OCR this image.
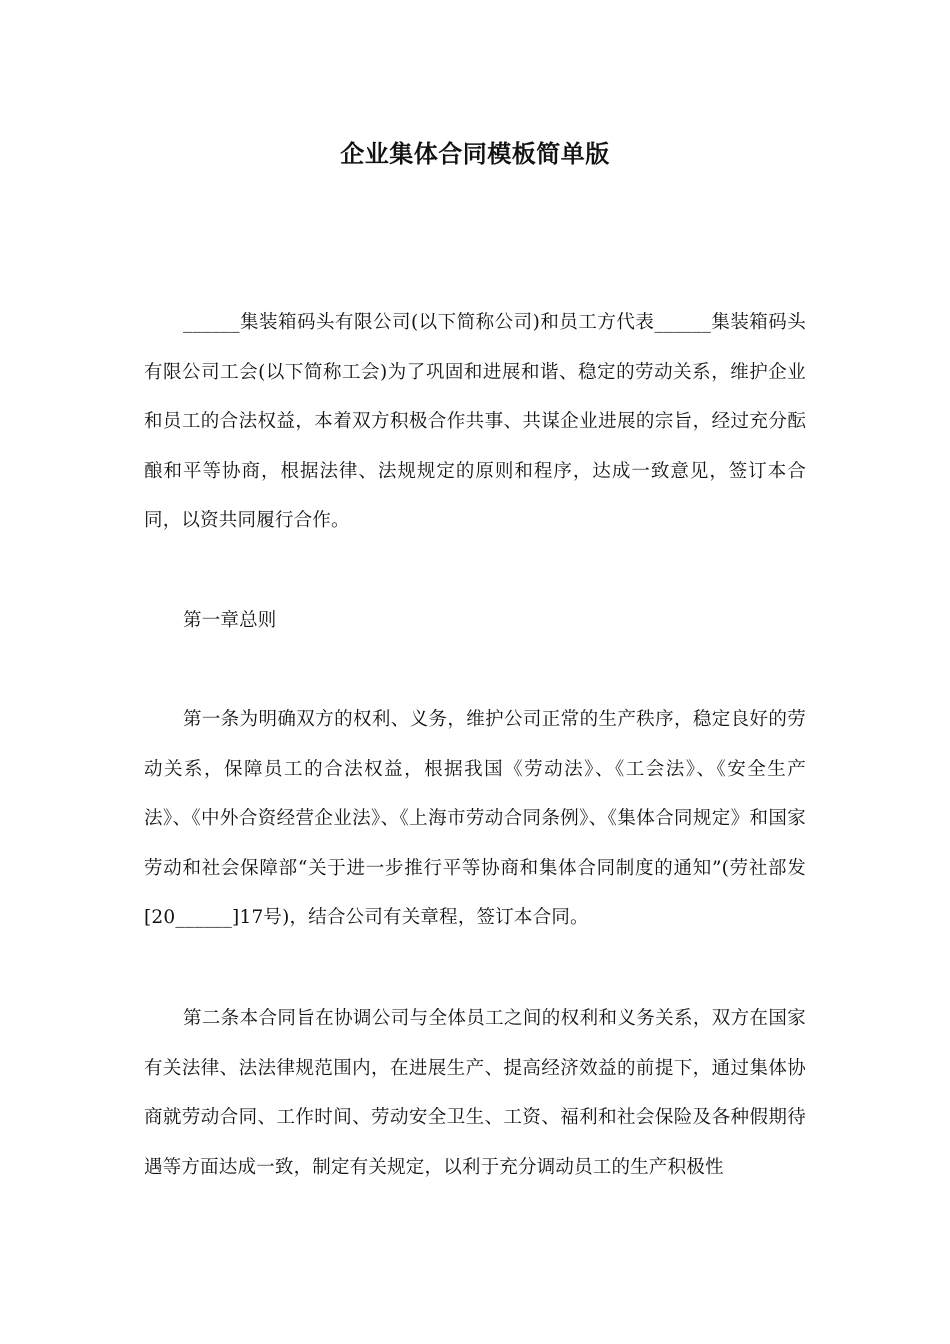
企业集体合同模板简单版

______集装箱码头有限公司(以下简称公司)和员工方代表______集装箱码头有限公司工会(以下简称工会)为了巩固和进展和谐、稳定的劳动关系，维护企业和员工的合法权益，本着双方积极合作共事、共谋企业进展的宗旨，经过充分酝酿和平等协商，根据法律、法规规定的原则和程序，达成一致意见，签订本合同，以资共同履行合作。

第一章总则

第一条为明确双方的权利、义务，维护公司正常的生产秩序，稳定良好的劳动关系，保障员工的合法权益，根据我国《劳动法》、《工会法》、《安全生产法》、《中外合资经营企业法》、《上海市劳动合同条例》、《集体合同规定》和国家劳动和社会保障部“关于进一步推行平等协商和集体合同制度的通知”(劳社部发[20______]17号)，结合公司有关章程，签订本合同。

第二条本合同旨在协调公司与全体员工之间的权利和义务关系，双方在国家有关法律、法法律规范围内，在进展生产、提高经济效益的前提下，通过集体协商就劳动合同、工作时间、劳动安全卫生、工资、福利和社会保险及各种假期待遇等方面达成一致，制定有关规定，以利于充分调动员工的生产积极性
